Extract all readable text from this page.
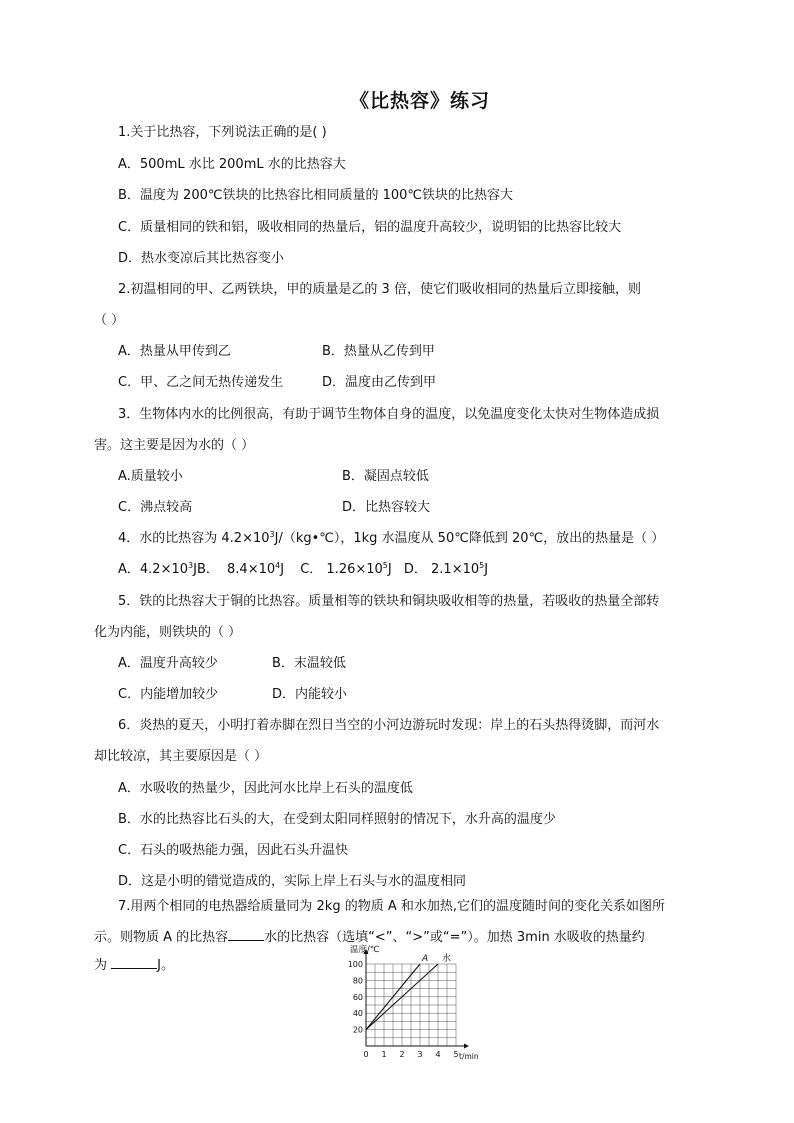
《比热容》练习
1.关于比热容，下列说法正确的是( )
A．500mL 水比 200mL 水的比热容大
B．温度为 200℃铁块的比热容比相同质量的 100℃铁块的比热容大
C．质量相同的铁和铝，吸收相同的热量后，铝的温度升高较少，说明铝的比热容比较大
D．热水变凉后其比热容变小
2.初温相同的甲、乙两铁块，甲的质量是乙的 3 倍，使它们吸收相同的热量后立即接触，则
（ ）
A．热量从甲传到乙	B．热量从乙传到甲
C．甲、乙之间无热传递发生	D．温度由乙传到甲
3．生物体内水的比例很高，有助于调节生物体自身的温度，以免温度变化太快对生物体造成损
害。这主要是因为水的（ ）
A.质量较小	B．凝固点较低
C．沸点较高	D．比热容较大
4．水的比热容为 $4.2\times 10^3J/(kg•℃)$，1kg 水温度从 50℃降低到 20℃，放出的热量是（ ）
A．$4.2\times 10^3JB$． $8.4\times 10^4J$ C． $1.26\times 10^5J$ D． $2.1\times 10^5J$
5．铁的比热容大于铜的比热容。质量相等的铁块和铜块吸收相等的热量，若吸收的热量全部转
化为内能，则铁块的（ ）
A．温度升高较少	B．末温较低
C．内能增加较少	D．内能较小
6．炎热的夏天，小明打着赤脚在烈日当空的小河边游玩时发现：岸上的石头热得烫脚，而河水
却比较凉，其主要原因是（ ）
A．水吸收的热量少，因此河水比岸上石头的温度低
B．水的比热容比石头的大，在受到太阳同样照射的情况下，水升高的温度少
C．石头的吸热能力强，因此石头升温快
D．这是小明的错觉造成的，实际上岸上石头与水的温度相同
7.用两个相同的电热器给质量同为 2kg 的物质 A 和水加热,它们的温度随时间的变化关系如图所
示。则物质 A 的比热容	水的比热容（选填“<”、“>”或“=”）。加热 3min 水吸收的热量约
为	J。
0 1 2 3 4 5
20
40
60
80
100
温度/℃
t/min
A 水
